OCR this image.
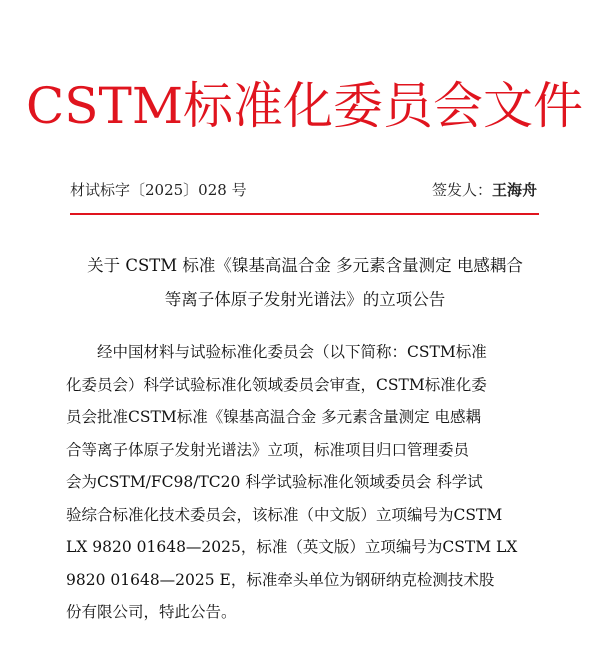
CSTM标准化委员会文件
材试标字〔2025〕028 号	签发人：王海舟
关于 CSTM 标准《镍基高温合金 多元素含量测定 电感耦合
等离子体原子发射光谱法》的立项公告
经中国材料与试验标准化委员会（以下简称：CSTM标准
化委员会）科学试验标准化领域委员会审查，CSTM标准化委
员会批准CSTM标准《镍基高温合金 多元素含量测定 电感耦
合等离子体原子发射光谱法》立项，标准项目归口管理委员
会为CSTM/FC98/TC20 科学试验标准化领域委员会 科学试
验综合标准化技术委员会，该标准（中文版）立项编号为CSTM
LX 9820 01648—2025，标准（英文版）立项编号为CSTM LX
9820 01648—2025 E，标准牵头单位为钢研纳克检测技术股
份有限公司，特此公告。
